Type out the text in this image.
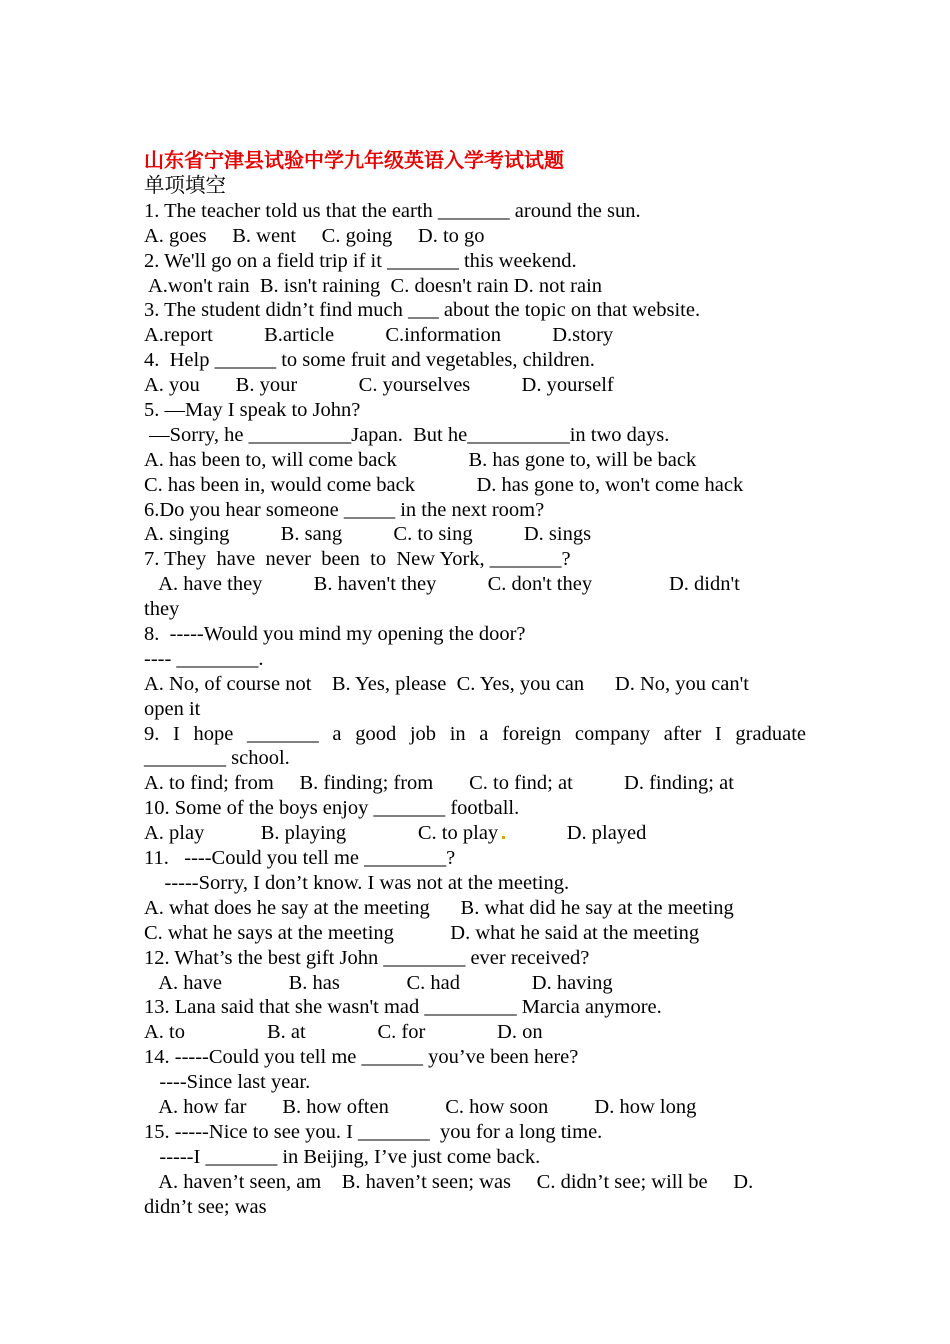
山东省宁津县试验中学九年级英语入学考试试题
单项填空
1. The teacher told us that the earth _______ around the sun.
A. goes     B. went     C. going     D. to go
2. We'll go on a field trip if it _______ this weekend.
A.won't rain  B. isn't raining  C. doesn't rain D. not rain
3. The student didn’t find much ___ about the topic on that website.
A.report          B.article          C.information          D.story
4.  Help ______ to some fruit and vegetables, children.
A. you       B. your            C. yourselves          D. yourself
5. —May I speak to John?
—Sorry, he __________Japan.  But he__________in two days.
A. has been to, will come back              B. has gone to, will be back
C. has been in, would come back            D. has gone to, won't come hack
6.Do you hear someone _____ in the next room?
A. singing          B. sang          C. to sing          D. sings
7. They  have  never  been  to  New York, _______?
A. have they          B. haven't they          C. don't they               D. didn't
they
8.  -----Would you mind my opening the door?
---- ________.
A. No, of course not    B. Yes, please  C. Yes, you can      D. No, you can't
open it
9. I hope _______ a good job in a foreign company after I graduate
________ school.
A. to find; from     B. finding; from       C. to find; at          D. finding; at
10. Some of the boys enjoy _______ football.
A. play           B. playing              C. to play            D. played
11.   ----Could you tell me ________?
-----Sorry, I don’t know. I was not at the meeting.
A. what does he say at the meeting      B. what did he say at the meeting
C. what he says at the meeting           D. what he said at the meeting
12. What’s the best gift John ________ ever received?
A. have             B. has             C. had              D. having
13. Lana said that she wasn't mad _________ Marcia anymore.
A. to                B. at              C. for              D. on
14. -----Could you tell me ______ you’ve been here?
----Since last year.
A. how far       B. how often           C. how soon         D. how long
15. -----Nice to see you. I _______  you for a long time.
-----I _______ in Beijing, I’ve just come back.
A. haven’t seen, am    B. haven’t seen; was     C. didn’t see; will be     D.
didn’t see; was
